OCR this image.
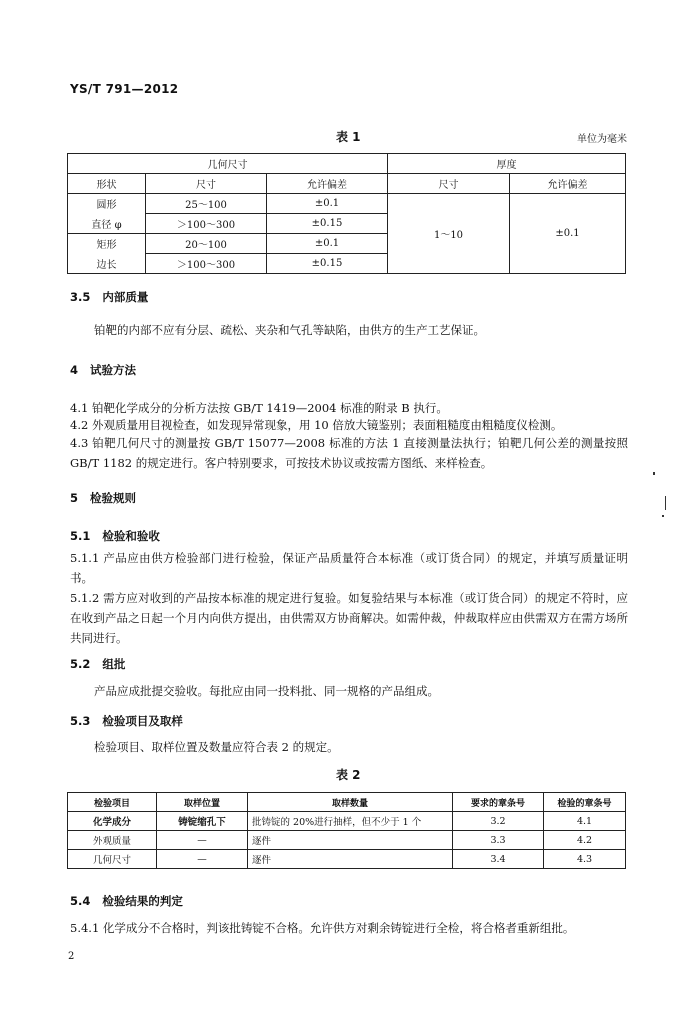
YS/T 791—2012
表 1	单位为毫米
几何尺寸			厚度	
形状	尺寸	允许偏差	尺寸	允许偏差
圆形	25～100	±0.1	1～10	±0.1
直径 φ	＞100～300	±0.15		
矩形	20～100	±0.1		
边长	＞100～300	±0.15		
3.5 内部质量
铂靶的内部不应有分层、疏松、夹杂和气孔等缺陷，由供方的生产工艺保证。
4 试验方法
4.1 铂靶化学成分的分析方法按 GB/T 1419—2004 标准的附录 B 执行。
4.2 外观质量用目视检查，如发现异常现象，用 10 倍放大镜鉴别；表面粗糙度由粗糙度仪检测。
4.3 铂靶几何尺寸的测量按 GB/T 15077—2008 标准的方法 1 直接测量法执行；铂靶几何公差的测量按照 GB/T 1182 的规定进行。客户特别要求，可按技术协议或按需方图纸、来样检查。
5 检验规则
5.1 检验和验收
5.1.1 产品应由供方检验部门进行检验，保证产品质量符合本标准（或订货合同）的规定，并填写质量证明书。
5.1.2 需方应对收到的产品按本标准的规定进行复验。如复验结果与本标准（或订货合同）的规定不符时，应在收到产品之日起一个月内向供方提出，由供需双方协商解决。如需仲裁，仲裁取样应由供需双方在需方场所共同进行。
5.2 组批
产品应成批提交验收。每批应由同一投料批、同一规格的产品组成。
5.3 检验项目及取样
检验项目、取样位置及数量应符合表 2 的规定。
表 2
检验项目	取样位置	取样数量	要求的章条号	检验的章条号
化学成分	铸锭缩孔下	批铸锭的 20%进行抽样，但不少于 1 个	3.2	4.1
外观质量	—	逐件	3.3	4.2
几何尺寸	—	逐件	3.4	4.3
5.4 检验结果的判定
5.4.1 化学成分不合格时，判该批铸锭不合格。允许供方对剩余铸锭进行全检，将合格者重新组批。
2
